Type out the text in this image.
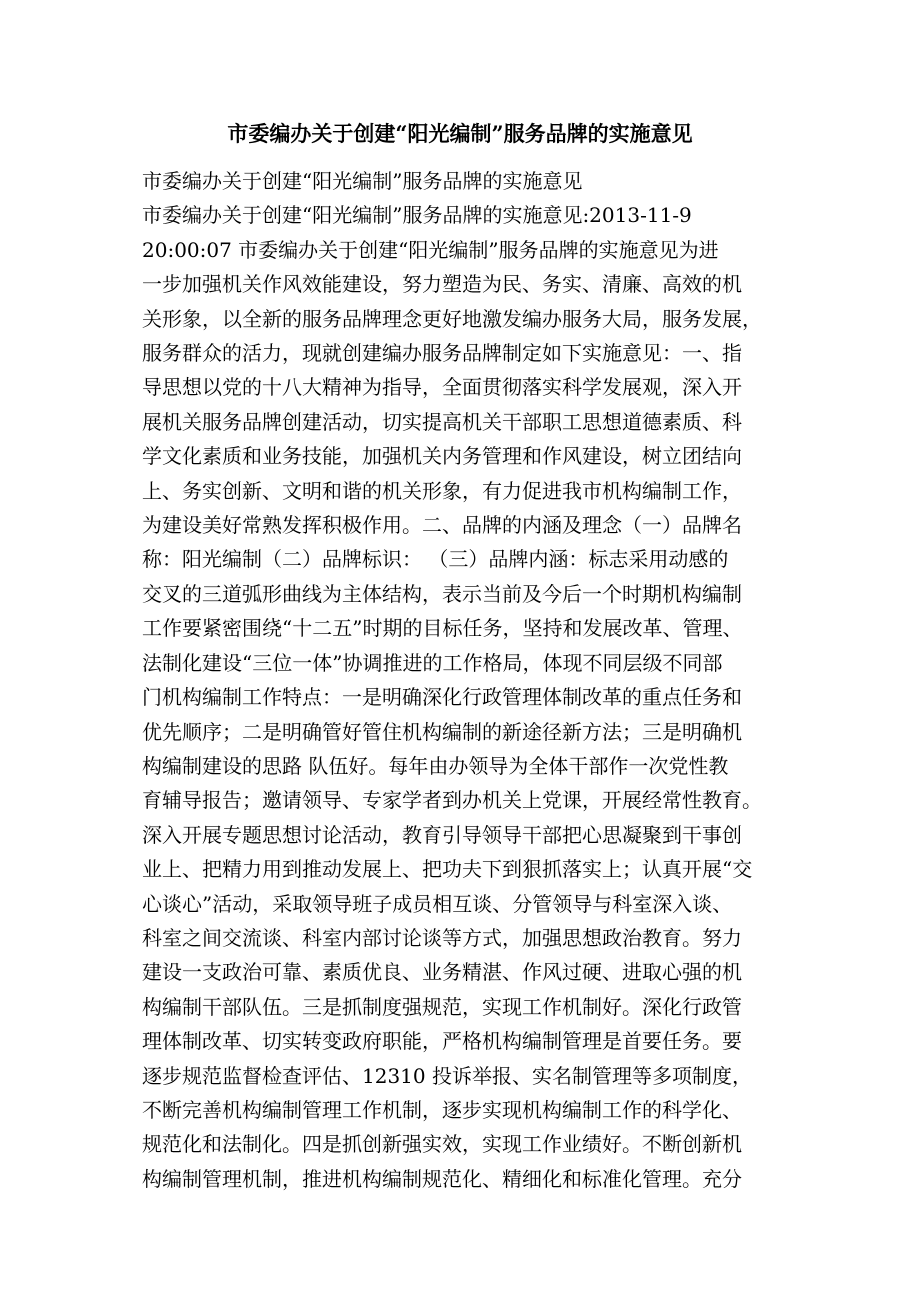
市委编办关于创建“阳光编制”服务品牌的实施意见
市委编办关于创建“阳光编制”服务品牌的实施意见
市委编办关于创建“阳光编制”服务品牌的实施意见:2013-11-9
20:00:07 市委编办关于创建“阳光编制”服务品牌的实施意见为进
一步加强机关作风效能建设，努力塑造为民、务实、清廉、高效的机
关形象，以全新的服务品牌理念更好地激发编办服务大局，服务发展，
服务群众的活力，现就创建编办服务品牌制定如下实施意见：一、指
导思想以党的十八大精神为指导，全面贯彻落实科学发展观，深入开
展机关服务品牌创建活动，切实提高机关干部职工思想道德素质、科
学文化素质和业务技能，加强机关内务管理和作风建设，树立团结向
上、务实创新、文明和谐的机关形象，有力促进我市机构编制工作，
为建设美好常熟发挥积极作用。二、品牌的内涵及理念（一）品牌名
称：阳光编制（二）品牌标识： （三）品牌内涵：标志采用动感的
交叉的三道弧形曲线为主体结构，表示当前及今后一个时期机构编制
工作要紧密围绕“十二五”时期的目标任务，坚持和发展改革、管理、
法制化建设“三位一体”协调推进的工作格局，体现不同层级不同部
门机构编制工作特点：一是明确深化行政管理体制改革的重点任务和
优先顺序；二是明确管好管住机构编制的新途径新方法；三是明确机
构编制建设的思路 队伍好。每年由办领导为全体干部作一次党性教
育辅导报告；邀请领导、专家学者到办机关上党课，开展经常性教育。
深入开展专题思想讨论活动，教育引导领导干部把心思凝聚到干事创
业上、把精力用到推动发展上、把功夫下到狠抓落实上；认真开展“交
心谈心”活动，采取领导班子成员相互谈、分管领导与科室深入谈、
科室之间交流谈、科室内部讨论谈等方式，加强思想政治教育。努力
建设一支政治可靠、素质优良、业务精湛、作风过硬、进取心强的机
构编制干部队伍。三是抓制度强规范，实现工作机制好。深化行政管
理体制改革、切实转变政府职能，严格机构编制管理是首要任务。要
逐步规范监督检查评估、12310 投诉举报、实名制管理等多项制度，
不断完善机构编制管理工作机制，逐步实现机构编制工作的科学化、
规范化和法制化。四是抓创新强实效，实现工作业绩好。不断创新机
构编制管理机制，推进机构编制规范化、精细化和标准化管理。充分
